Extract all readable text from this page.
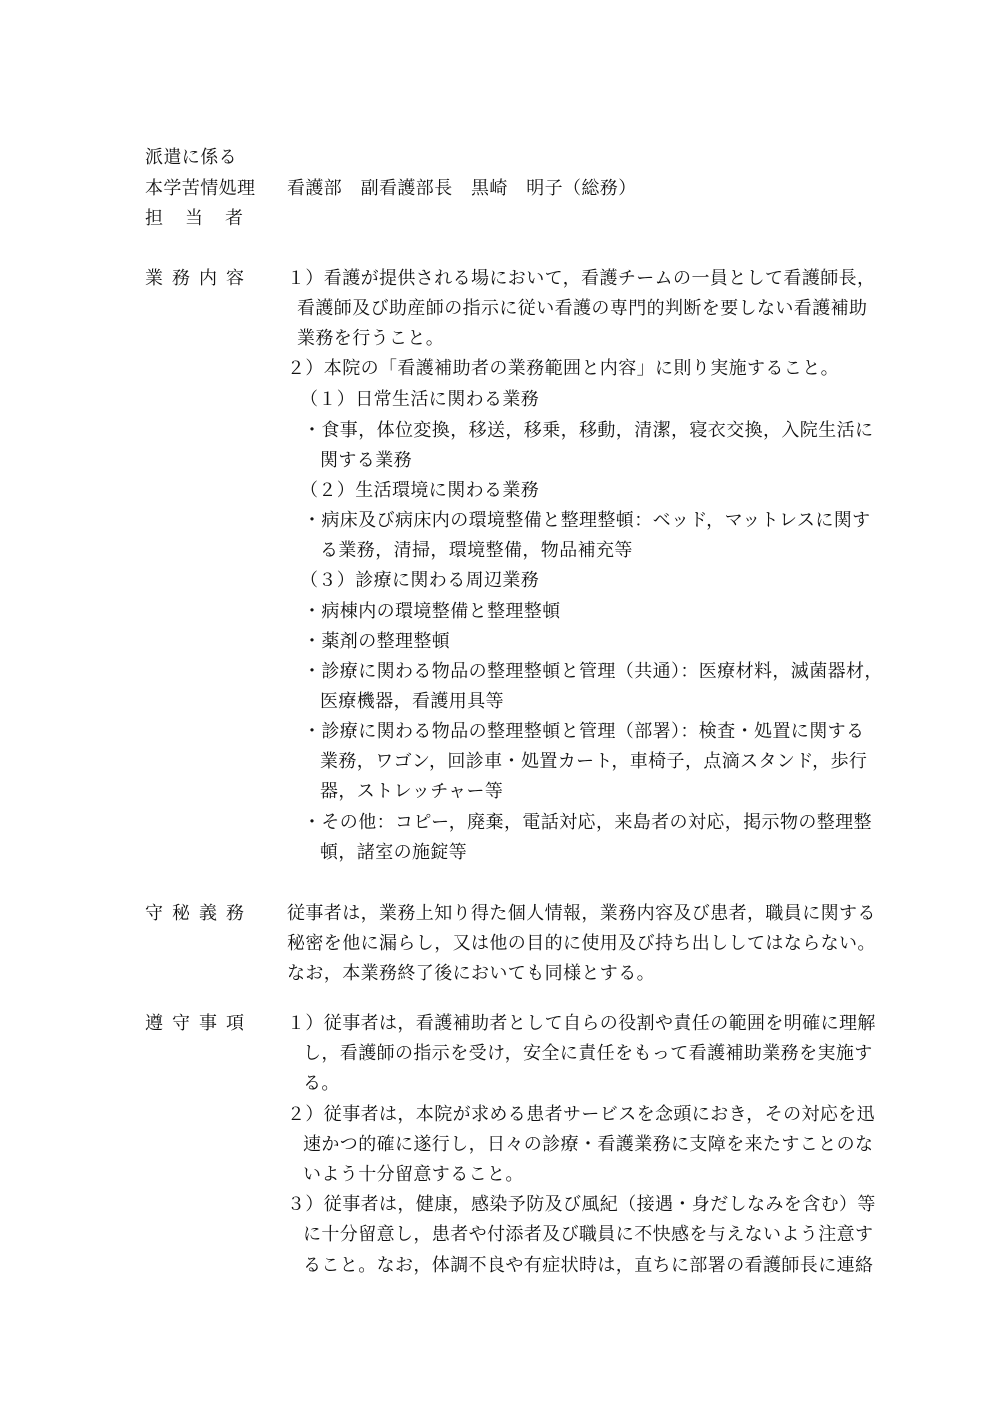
派遣に係る
本学苦情処理 看護部　副看護部長　黒崎　明子（総務）
担　当　者
業務内容 １）看護が提供される場において，看護チームの一員として看護師長，
看護師及び助産師の指示に従い看護の専門的判断を要しない看護補助
業務を行うこと。
２）本院の「看護補助者の業務範囲と内容」に則り実施すること。
（１）日常生活に関わる業務
・食事，体位変換，移送，移乗，移動，清潔，寝衣交換，入院生活に
関する業務
（２）生活環境に関わる業務
・病床及び病床内の環境整備と整理整頓：ベッド，マットレスに関す
る業務，清掃，環境整備，物品補充等
（３）診療に関わる周辺業務
・病棟内の環境整備と整理整頓
・薬剤の整理整頓
・診療に関わる物品の整理整頓と管理（共通）：医療材料，滅菌器材，
医療機器，看護用具等
・診療に関わる物品の整理整頓と管理（部署）：検査・処置に関する
業務，ワゴン，回診車・処置カート，車椅子，点滴スタンド，歩行
器，ストレッチャー等
・その他：コピー，廃棄，電話対応，来島者の対応，掲示物の整理整
頓，諸室の施錠等
守秘義務 従事者は，業務上知り得た個人情報，業務内容及び患者，職員に関する
秘密を他に漏らし，又は他の目的に使用及び持ち出ししてはならない。
なお，本業務終了後においても同様とする。
遵守事項 １）従事者は，看護補助者として自らの役割や責任の範囲を明確に理解
し，看護師の指示を受け，安全に責任をもって看護補助業務を実施す
る。
２）従事者は，本院が求める患者サービスを念頭におき，その対応を迅
速かつ的確に遂行し，日々の診療・看護業務に支障を来たすことのな
いよう十分留意すること。
３）従事者は，健康，感染予防及び風紀（接遇・身だしなみを含む）等
に十分留意し，患者や付添者及び職員に不快感を与えないよう注意す
ること。なお，体調不良や有症状時は，直ちに部署の看護師長に連絡
